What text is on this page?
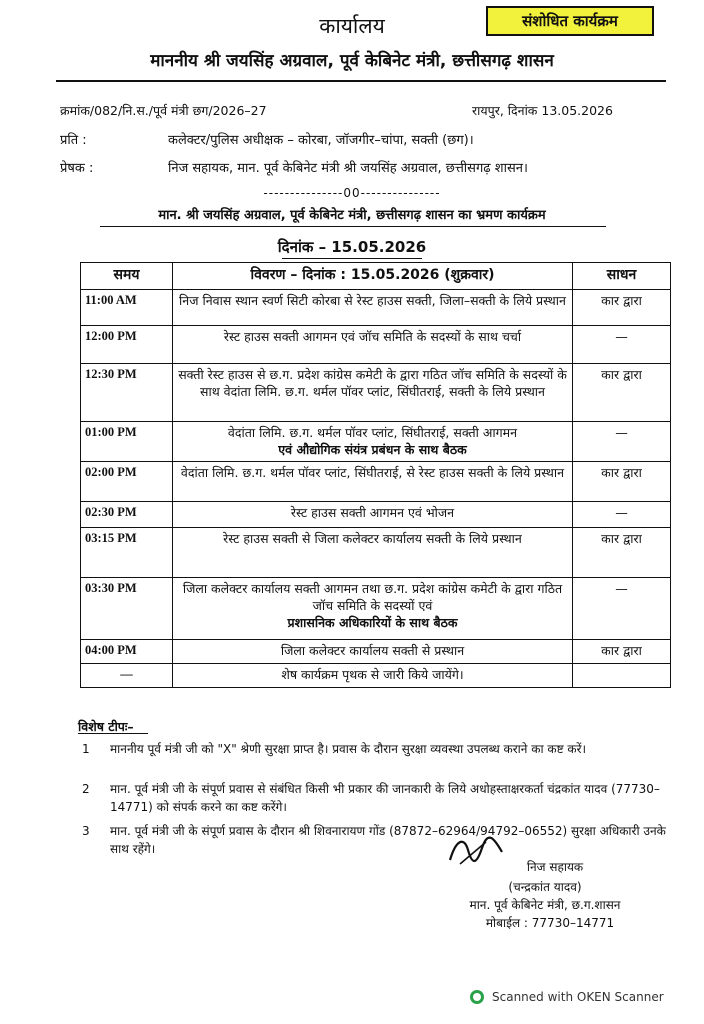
कार्यालय	संशोधित कार्यक्रम
माननीय श्री जयसिंह अग्रवाल, पूर्व केबिनेट मंत्री, छत्तीसगढ़ शासन
क्रमांक/082/नि.स./पूर्व मंत्री छग/2026–27	रायपुर, दिनांक 13.05.2026
प्रति :	कलेक्टर/पुलिस अधीक्षक – कोरबा, जॉजगीर–चांपा, सक्ती (छग)।
प्रेषक :	निज सहायक, मान. पूर्व केबिनेट मंत्री श्री जयसिंह अग्रवाल, छत्तीसगढ़ शासन।
---------------00---------------
मान. श्री जयसिंह अग्रवाल, पूर्व केबिनेट मंत्री, छत्तीसगढ़ शासन का भ्रमण कार्यक्रम
दिनांक – 15.05.2026
समय	विवरण – दिनांक : 15.05.2026 (शुक्रवार)	साधन
11:00 AM	निज निवास स्थान स्वर्ण सिटी कोरबा से रेस्ट हाउस सक्ती, जिला–सक्ती के लिये प्रस्थान	कार द्वारा
12:00 PM	रेस्ट हाउस सक्ती आगमन एवं जॉच समिति के सदस्यों के साथ चर्चा	—
12:30 PM	सक्ती रेस्ट हाउस से छ.ग. प्रदेश कांग्रेस कमेटी के द्वारा गठित जॉच समिति के सदस्यों के साथ वेदांता लिमि. छ.ग. थर्मल पॉवर प्लांट, सिंघीतराई, सक्ती के लिये प्रस्थान	कार द्वारा
01:00 PM	वेदांता लिमि. छ.ग. थर्मल पॉवर प्लांट, सिंघीतराई, सक्ती आगमन
एवं औद्योगिक संयंत्र प्रबंधन के साथ बैठक	—
02:00 PM	वेदांता लिमि. छ.ग. थर्मल पॉवर प्लांट, सिंघीतराई, से रेस्ट हाउस सक्ती के लिये प्रस्थान	कार द्वारा
02:30 PM	रेस्ट हाउस सक्ती आगमन एवं भोजन	—
03:15 PM	रेस्ट हाउस सक्ती से जिला कलेक्टर कार्यालय सक्ती के लिये प्रस्थान	कार द्वारा
03:30 PM	जिला कलेक्टर कार्यालय सक्ती आगमन तथा छ.ग. प्रदेश कांग्रेस कमेटी के द्वारा गठित जॉच समिति के सदस्यों एवं
प्रशासनिक अधिकारियों के साथ बैठक	—
04:00 PM	जिला कलेक्टर कार्यालय सक्ती से प्रस्थान	कार द्वारा
—	शेष कार्यक्रम पृथक से जारी किये जायेंगे।	
विशेष टीपः–
1	माननीय पूर्व मंत्री जी को "X" श्रेणी सुरक्षा प्राप्त है। प्रवास के दौरान सुरक्षा व्यवस्था उपलब्ध कराने का कष्ट करें।
2	मान. पूर्व मंत्री जी के संपूर्ण प्रवास से संबंधित किसी भी प्रकार की जानकारी के लिये अधोहस्ताक्षरकर्ता चंद्रकांत यादव (77730–14771) को संपर्क करने का कष्ट करेंगे।
3	मान. पूर्व मंत्री जी के संपूर्ण प्रवास के दौरान श्री शिवनारायण गोंड (87872–62964/94792–06552) सुरक्षा अधिकारी उनके साथ रहेंगे।
निज सहायक
(चन्द्रकांत यादव)
मान. पूर्व केबिनेट मंत्री, छ.ग.शासन
मोबाईल : 77730–14771
Scanned with OKEN Scanner
